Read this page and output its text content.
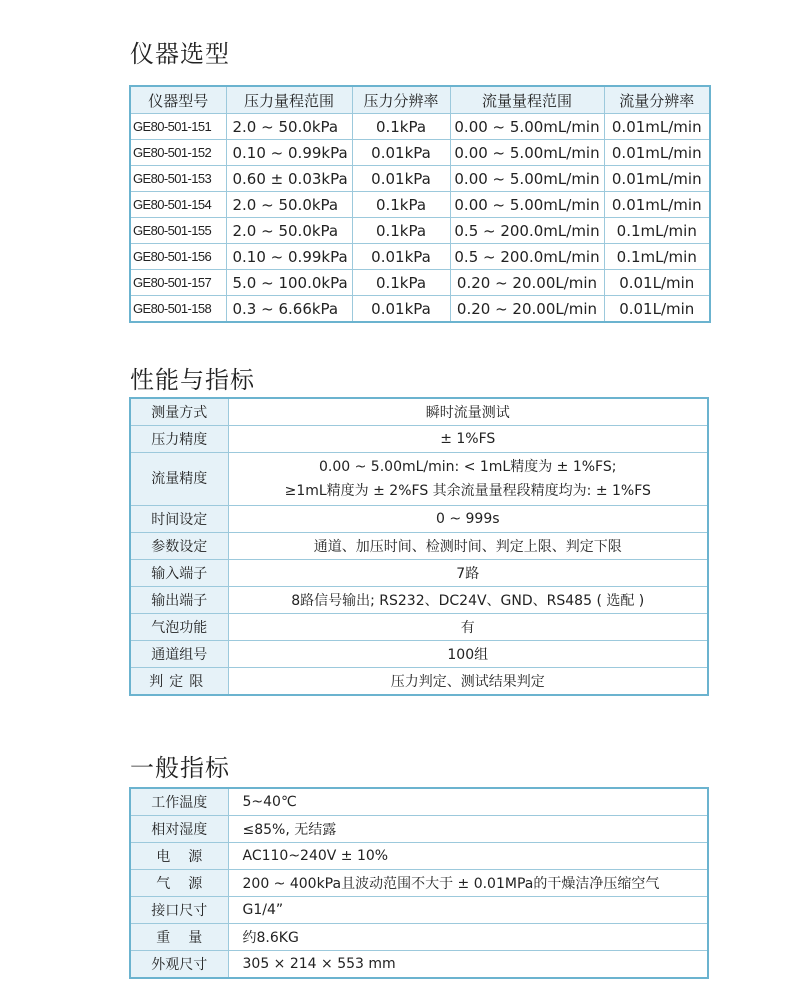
仪器选型
仪器型号	压力量程范围	压力分辨率	流量量程范围	流量分辨率
GE80-501-151	2.0 ~ 50.0kPa	0.1kPa	0.00 ~ 5.00mL/min	0.01mL/min
GE80-501-152	0.10 ~ 0.99kPa	0.01kPa	0.00 ~ 5.00mL/min	0.01mL/min
GE80-501-153	0.60 ± 0.03kPa	0.01kPa	0.00 ~ 5.00mL/min	0.01mL/min
GE80-501-154	2.0 ~ 50.0kPa	0.1kPa	0.00 ~ 5.00mL/min	0.01mL/min
GE80-501-155	2.0 ~ 50.0kPa	0.1kPa	0.5 ~ 200.0mL/min	0.1mL/min
GE80-501-156	0.10 ~ 0.99kPa	0.01kPa	0.5 ~ 200.0mL/min	0.1mL/min
GE80-501-157	5.0 ~ 100.0kPa	0.1kPa	0.20 ~ 20.00L/min	0.01L/min
GE80-501-158	0.3 ~ 6.66kPa	0.01kPa	0.20 ~ 20.00L/min	0.01L/min
性能与指标
测量方式	瞬时流量测试
压力精度	± 1%FS
流量精度	0.00 ~ 5.00mL/min: < 1mL精度为 ± 1%FS;
≥1mL精度为 ± 2%FS 其余流量量程段精度均为: ± 1%FS

时间设定	0 ~ 999s
参数设定	通道、加压时间、检测时间、判定上限、判定下限
输入端子	7路
输出端子	8路信号输出; RS232、DC24V、GND、RS485 ( 选配 )
气泡功能	有
通道组号	100组
判定限	压力判定、测试结果判定
一般指标
工作温度	5~40℃
相对湿度	≤85%, 无结露
电源	AC110~240V ± 10%
气源	200 ~ 400kPa且波动范围不大于 ± 0.01MPa的干燥洁净压缩空气
接口尺寸	G1/4”
重量	约8.6KG
外观尺寸	305 × 214 × 553 mm
